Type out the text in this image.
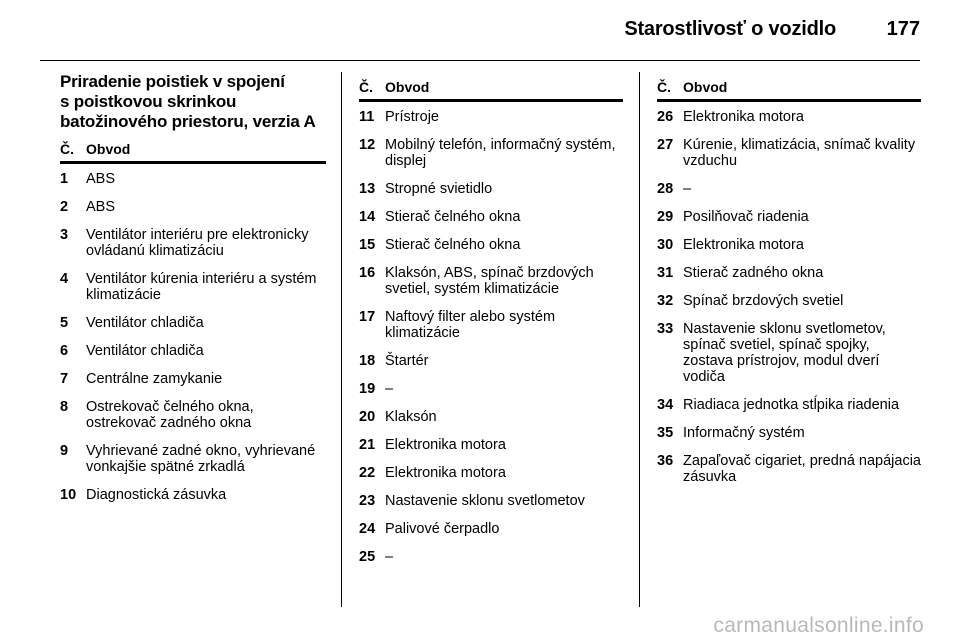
Starostlivosť o vozidlo	177
Priradenie poistiek v spojení
s poistkovou skrinkou
batožinového priestoru, verzia A
Č. Obvod
1	ABS
2	ABS
3	Ventilátor interiéru pre elektronicky ovládanú klimatizáciu
4	Ventilátor kúrenia interiéru a systém klimatizácie
5	Ventilátor chladiča
6	Ventilátor chladiča
7	Centrálne zamykanie
8	Ostrekovač čelného okna, ostrekovač zadného okna
9	Vyhrievané zadné okno, vyhrievané vonkajšie spätné zrkadlá
10 Diagnostická zásuvka
Č. Obvod
11 Prístroje
12 Mobilný telefón, informačný systém, displej
13 Stropné svietidlo
14 Stierač čelného okna
15 Stierač čelného okna
16 Klaksón, ABS, spínač brzdových svetiel, systém klimatizácie
17 Naftový filter alebo systém klimatizácie
18 Štartér
19 –
20 Klaksón
21 Elektronika motora
22 Elektronika motora
23 Nastavenie sklonu svetlometov
24 Palivové čerpadlo
25 –
Č. Obvod
26 Elektronika motora
27 Kúrenie, klimatizácia, snímač kvality vzduchu
28 –
29 Posilňovač riadenia
30 Elektronika motora
31 Stierač zadného okna
32 Spínač brzdových svetiel
33 Nastavenie sklonu svetlometov, spínač svetiel, spínač spojky, zostava prístrojov, modul dverí vodiča
34 Riadiaca jednotka stĺpika riadenia
35 Informačný systém
36 Zapaľovač cigariet, predná napájacia zásuvka
carmanualsonline.info
